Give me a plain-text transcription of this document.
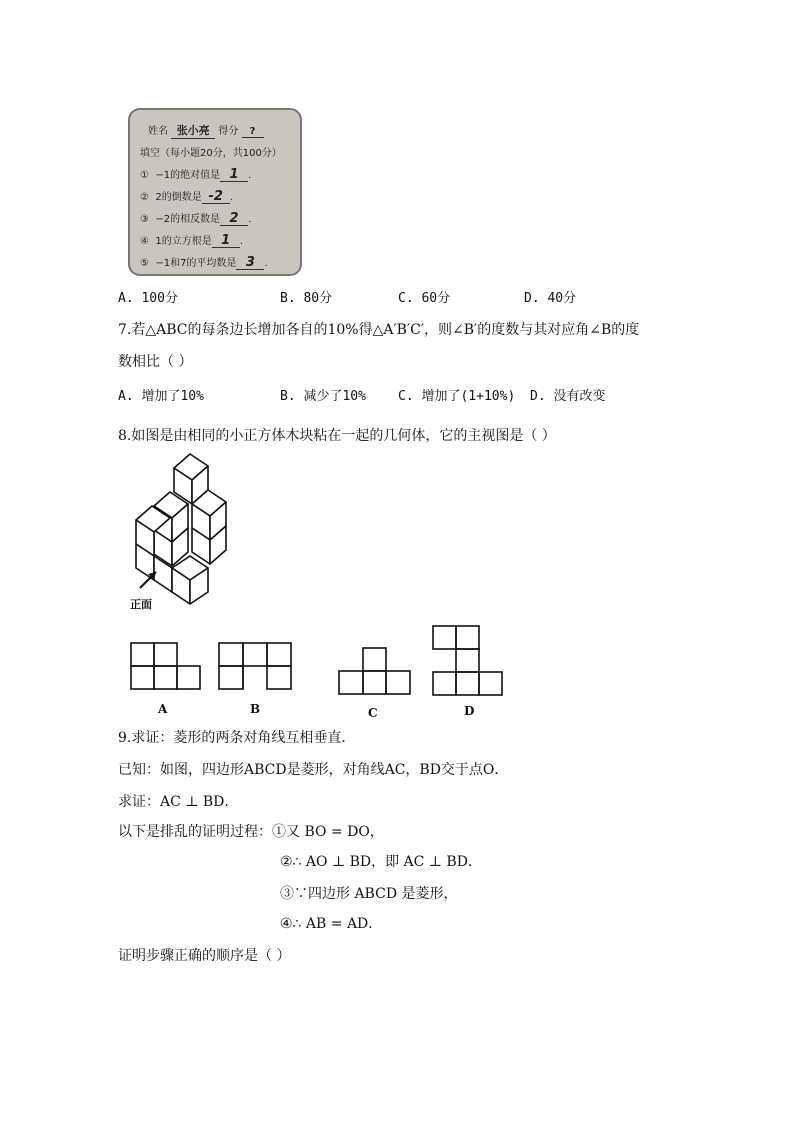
姓名 张小亮 得分 ?
填空（每小题20分，共100分）
① −1的绝对值是 1 .
② 2的倒数是 -2 .
③ −2的相反数是 2 .
④ 1的立方根是 1 .
⑤ −1和7的平均数是 3 .
A. 100分	B. 80分	C. 60分	D. 40分
7.若△ABC的每条边长增加各自的10%得△A′B′C′，则∠B′的度数与其对应角∠B的度
数相比（ ）
A. 增加了10%	B. 减少了10% C. 增加了(1+10%) D. 没有改变
8.如图是由相同的小正方体木块粘在一起的几何体，它的主视图是（ ）
正面
A	B	C	D
9.求证：菱形的两条对角线互相垂直．
已知：如图，四边形ABCD是菱形，对角线AC，BD交于点O．
求证：AC ⊥ BD．
以下是排乱的证明过程：①又 BO = DO，
②∴ AO ⊥ BD，即 AC ⊥ BD．
③∵四边形 ABCD 是菱形，
④∴ AB = AD．
证明步骤正确的顺序是（ ）
